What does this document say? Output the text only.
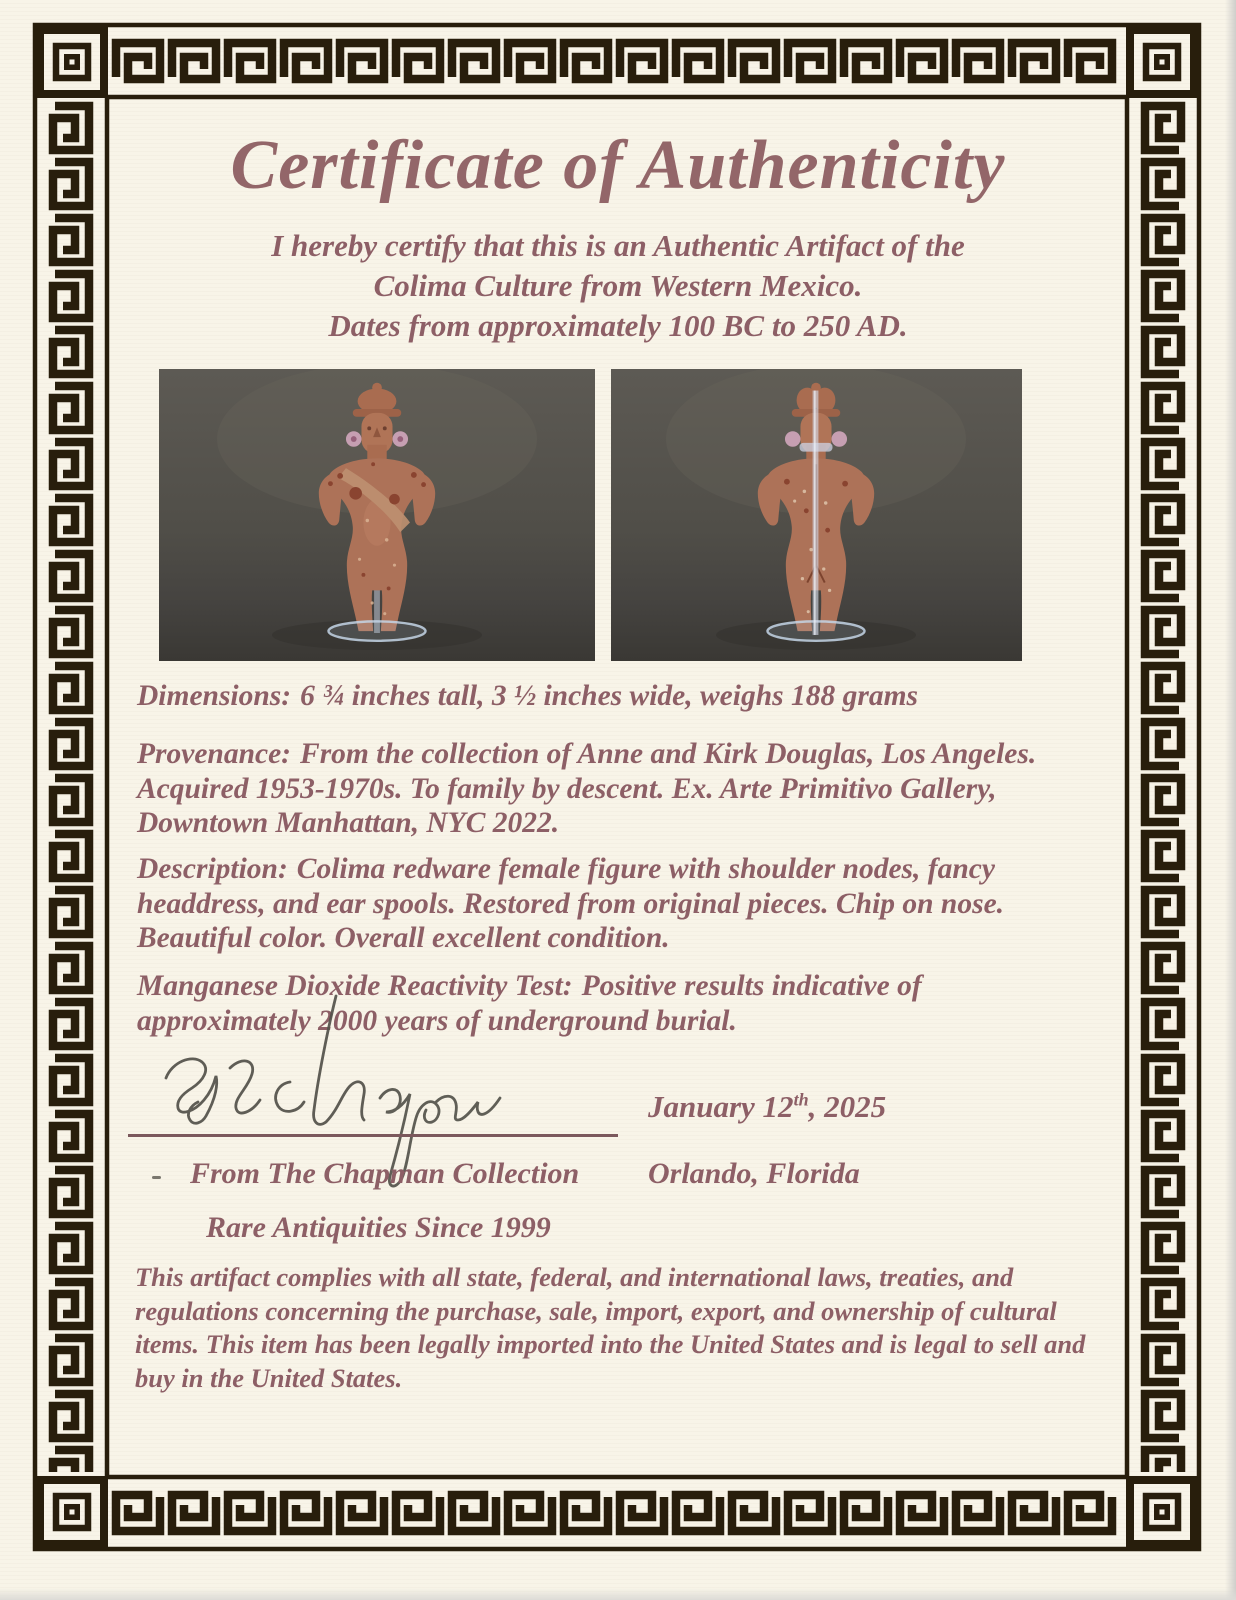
Certificate of Authenticity
I hereby certify that this is an Authentic Artifact of the
Colima Culture from Western Mexico.
Dates from approximately 100 BC to 250 AD.
Dimensions: 6 ¾ inches tall, 3 ½ inches wide, weighs 188 grams
Provenance: From the collection of Anne and Kirk Douglas, Los Angeles.
Acquired 1953-1970s. To family by descent. Ex. Arte Primitivo Gallery,
Downtown Manhattan, NYC 2022.
Description: Colima redware female figure with shoulder nodes, fancy
headdress, and ear spools. Restored from original pieces. Chip on nose.
Beautiful color. Overall excellent condition.
Manganese Dioxide Reactivity Test: Positive results indicative of
approximately 2000 years of underground burial.
January 12th, 2025
From The Chapman Collection Orlando, Florida
Rare Antiquities Since 1999
This artifact complies with all state, federal, and international laws, treaties, and
regulations concerning the purchase, sale, import, export, and ownership of cultural
items. This item has been legally imported into the United States and is legal to sell and
buy in the United States.
